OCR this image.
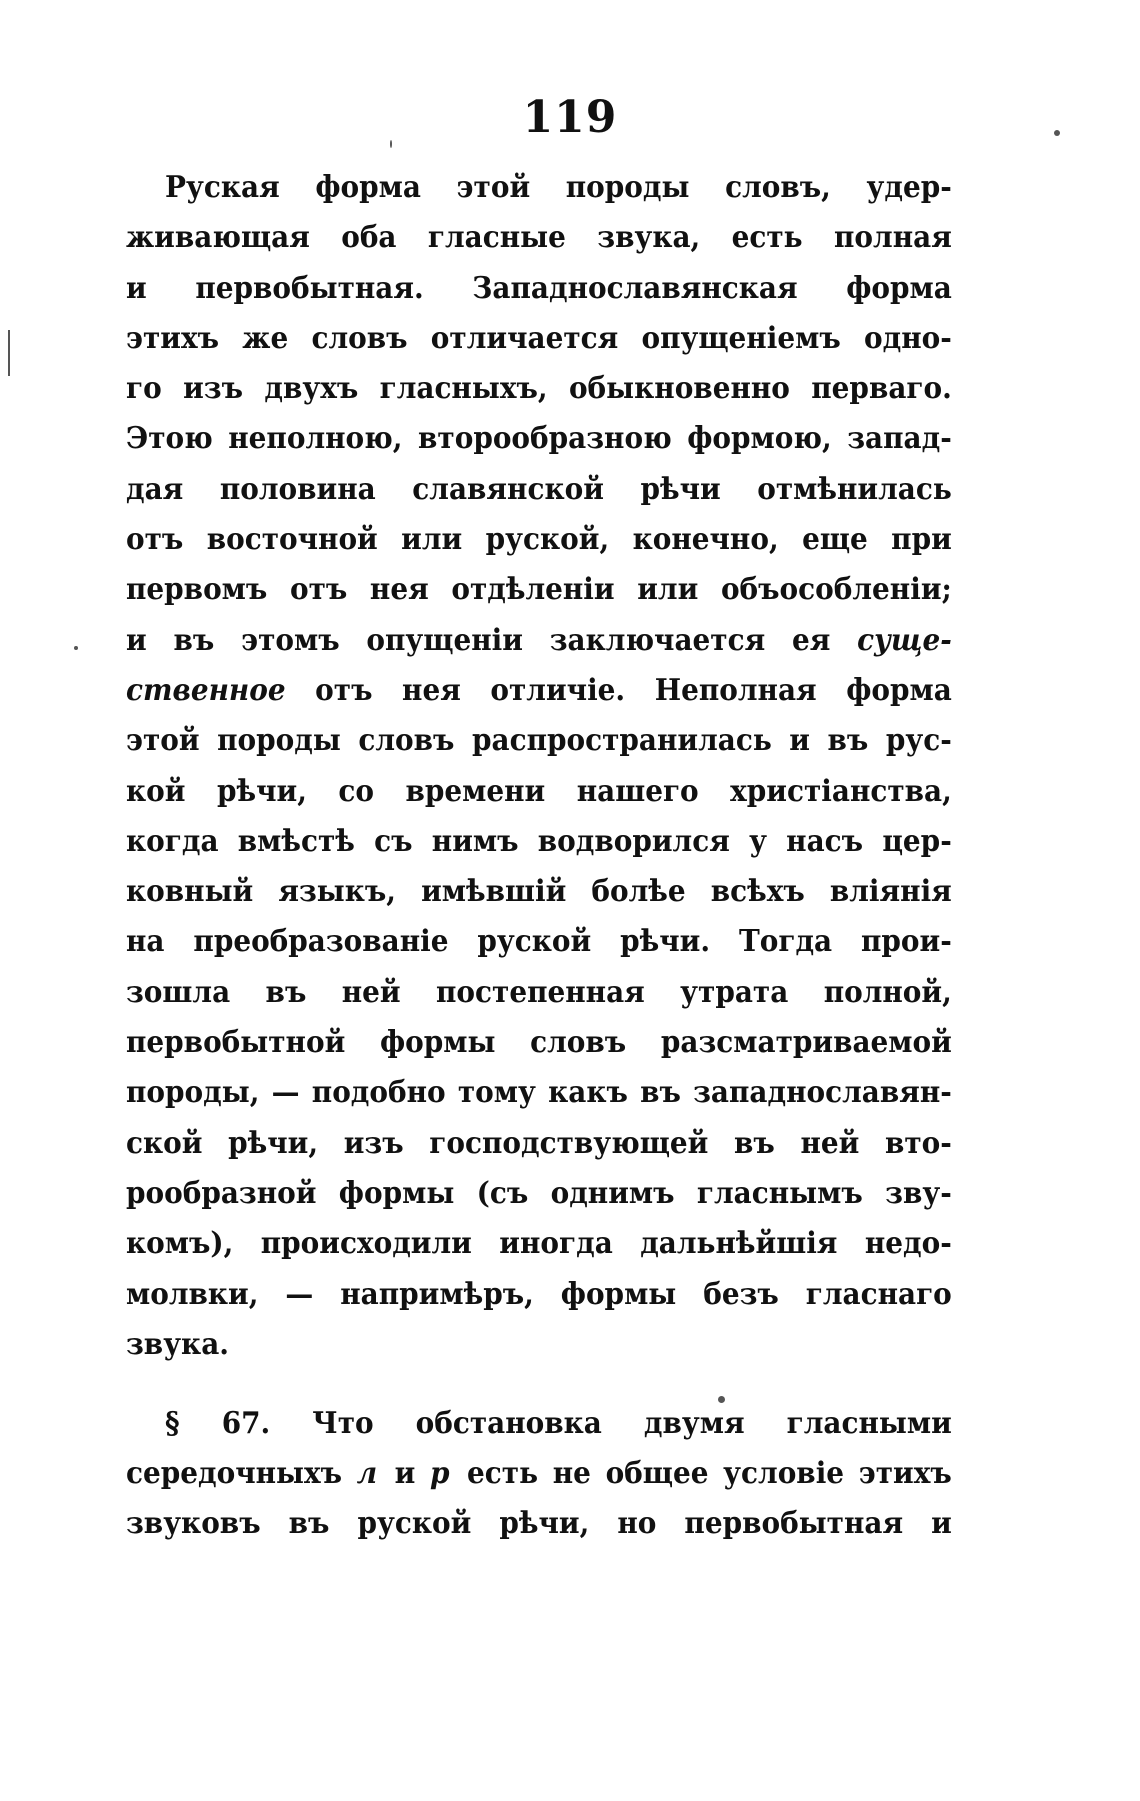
119
Руская форма этой породы словъ, удер-
живающая оба гласные звука, есть полная
и первобытная. Западнославянская форма
этихъ же словъ отличается опущеніемъ одно-
го изъ двухъ гласныхъ, обыкновенно перваго.
Этою неполною, второобразною формою, запад-
дая половина славянской рѣчи отмѣнилась
отъ восточной или руской, конечно, еще при
первомъ отъ нея отдѣленіи или объособленіи;
и въ этомъ опущеніи заключается ея суще-
ственное отъ нея отличіе. Неполная форма
этой породы словъ распространилась и въ рус-
кой рѣчи, со времени нашего христіанства,
когда вмѣстѣ съ нимъ водворился у насъ цер-
ковный языкъ, имѣвшій болѣе всѣхъ вліянія
на преобразованіе руской рѣчи. Тогда прои-
зошла въ ней постепенная утрата полной,
первобытной формы словъ разсматриваемой
породы, — подобно тому какъ въ западнославян-
ской рѣчи, изъ господствующей въ ней вто-
рообразной формы (съ однимъ гласнымъ зву-
комъ), происходили иногда дальнѣйшія недо-
молвки, — напримѣръ, формы безъ гласнаго
звука.
§ 67. Что обстановка двумя гласными
середочныхъ л и р есть не общее условіе этихъ
звуковъ въ руской рѣчи, но первобытная и
